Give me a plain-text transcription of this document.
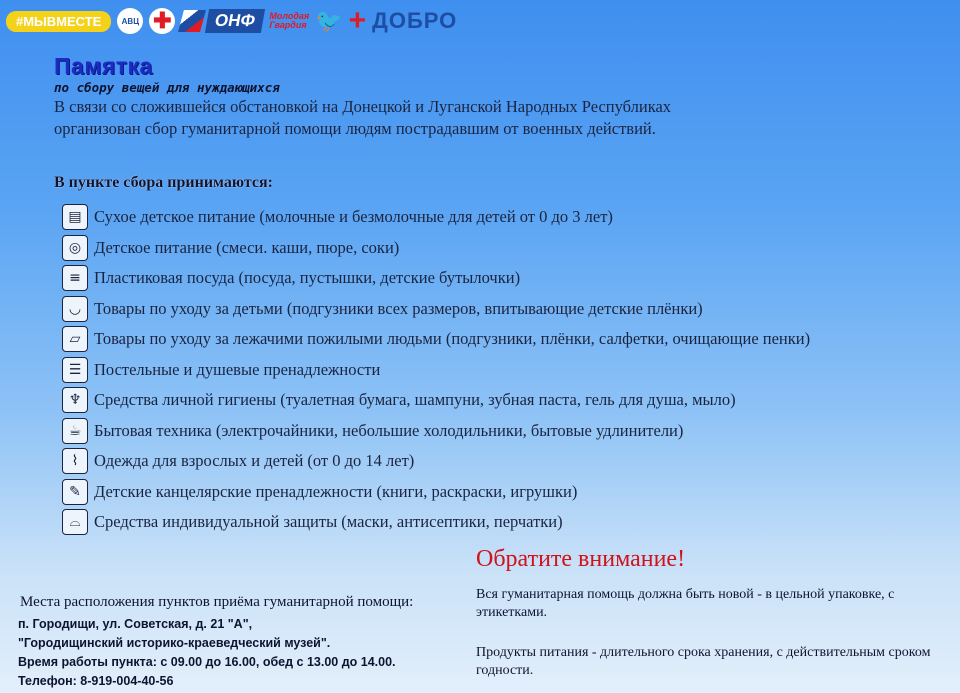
#МЫВМЕСТЕ	АВЦ ✚	ОНФ	Молодая
Гвардия 🐦 + ДОБРО
Памятка
по сбору вещей для нуждающихся
В связи со сложившейся обстановкой на Донецкой и Луганской Народных Республиках
организован сбор гуманитарной помощи людям пострадавшим от военных действий.
В пункте сбора принимаются:
▤ Сухое детское питание (молочные и безмолочные для детей от 0 до 3 лет)
◎ Детское питание (смеси. каши, пюре, соки)
≡ Пластиковая посуда (посуда, пустышки, детские бутылочки)
◡ Товары по уходу за детьми (подгузники всех размеров, впитывающие детские плёнки)
▱ Товары по уходу за лежачими пожилыми людьми (подгузники, плёнки, салфетки, очищающие пенки)
☰ Постельные и душевые пренадлежности
♆ Средства личной гигиены (туалетная бумага, шампуни, зубная паста, гель для душа, мыло)
☕ Бытовая техника (электрочайники, небольшие холодильники, бытовые удлинители)
⌇ Одежда для взрослых и детей (от 0 до 14 лет)
✎ Детские канцелярские пренадлежности (книги, раскраски, игрушки)
⌓ Средства индивидуальной защиты (маски, антисептики, перчатки)
Места расположения пунктов приёма гуманитарной помощи:
п. Городищи, ул. Советская, д. 21 "А",
"Городищинский историко-краеведческий музей".
Время работы пункта: с 09.00 до 16.00, обед с 13.00 до 14.00.
Телефон: 8-919-004-40-56
Обратите внимание!
Вся гуманитарная помощь должна быть новой - в цельной упаковке, с этикетками.
Продукты питания - длительного срока хранения, с действительным сроком годности.
